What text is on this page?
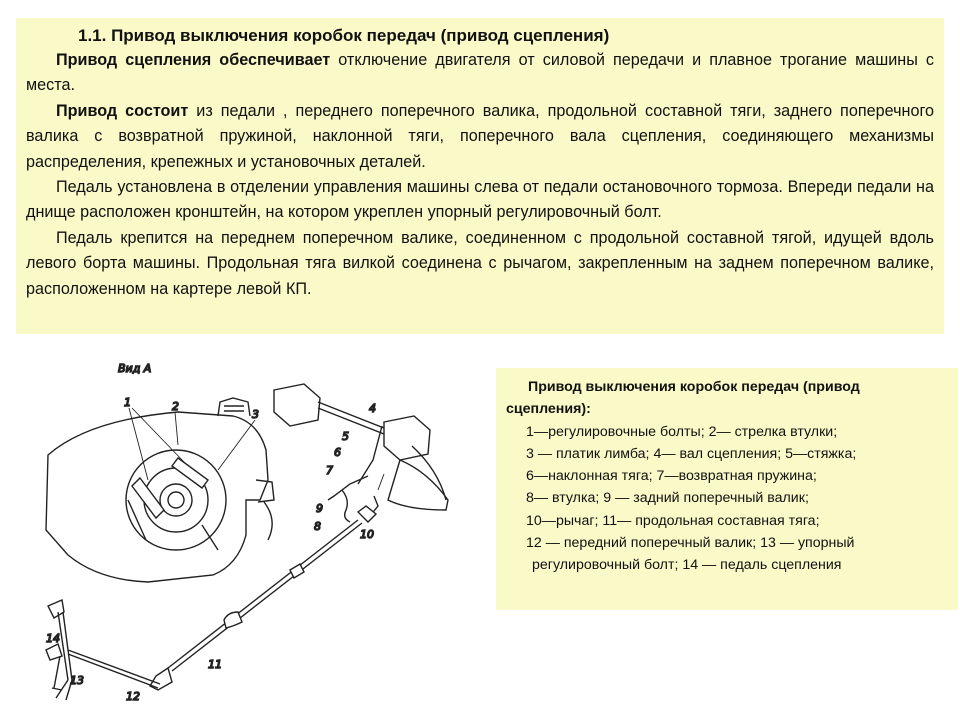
1.1. Привод выключения коробок передач (привод сцепления)

Привод сцепления обеспечивает отключение двигателя от силовой передачи и плавное трогание машины с места.

Привод состоит из педали , переднего поперечного валика, продольной составной тяги, заднего поперечного валика с возвратной пружиной, наклонной тяги, поперечного вала сцепления, соединяющего механизмы распределения, крепежных и установочных деталей.

Педаль установлена в отделении управления машины слева от педали остановочного тормоза. Впереди педали на днище расположен кронштейн, на котором укреплен упорный регулировочный болт.

Педаль крепится на переднем поперечном валике, соединенном с продольной составной тягой, идущей вдоль левого борта машины. Продольная тяга вилкой соединена с рычагом, закрепленным на заднем поперечном валике, расположенном на картере левой КП.

Вид А
1	2
3	4
5
6
7
8
9
10
11
12
13
14

Привод выключения коробок передач (привод сцепления):

1—регулировочные болты; 2— стрелка втулки;
3 — платик лимба; 4— вал сцепления; 5—стяжка;
6—наклонная тяга; 7—возвратная пружина;
8— втулка; 9 — задний поперечный валик;
10—рычаг; 11— продольная составная тяга;
12 — передний поперечный валик; 13 — упорный
регулировочный болт; 14 — педаль сцепления
